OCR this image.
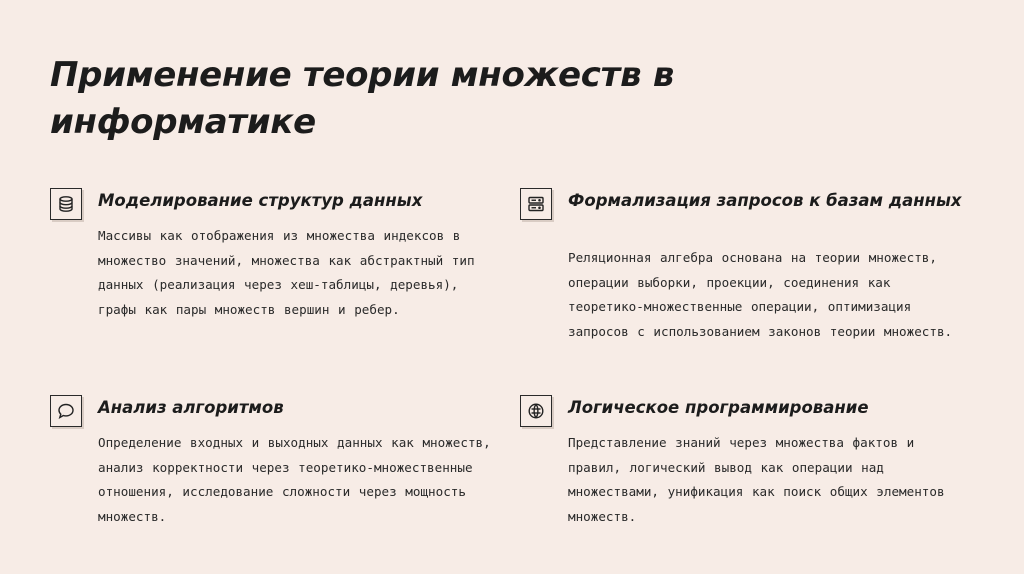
Применение теории множеств в информатике
Моделирование структур данных

Массивы как отображения из множества индексов в множество значений, множества как абстрактный тип данных (реализация через хеш-таблицы, деревья), графы как пары множеств вершин и ребер.

Формализация запросов к базам данных

Реляционная алгебра основана на теории множеств, операции выборки, проекции, соединения как теоретико-множественные операции, оптимизация запросов с использованием законов теории множеств.

Анализ алгоритмов

Определение входных и выходных данных как множеств, анализ корректности через теоретико-множественные отношения, исследование сложности через мощность множеств.

Логическое программирование

Представление знаний через множества фактов и правил, логический вывод как операции над множествами, унификация как поиск общих элементов множеств.
